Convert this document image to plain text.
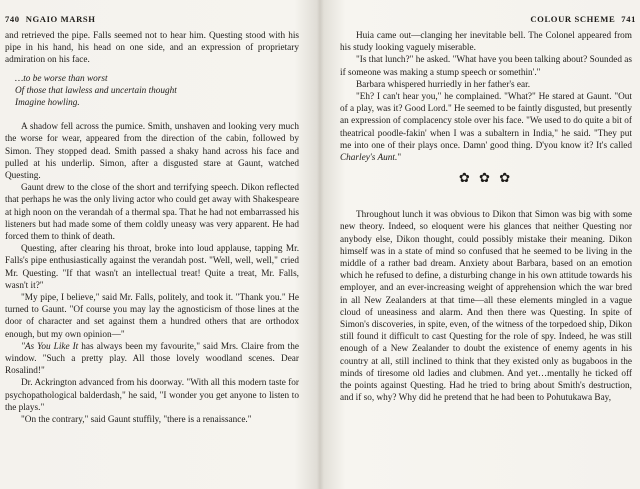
740 NGAIO MARSH

and retrieved the pipe. Falls seemed not to hear him. Questing stood with his pipe in his hand, his head on one side, and an expression of proprietary admiration on his face.

…to be worse than worst
Of those that lawless and uncertain thought
Imagine howling.

A shadow fell across the pumice. Smith, unshaven and looking very much the worse for wear, appeared from the direction of the cabin, followed by Simon. They stopped dead. Smith passed a shaky hand across his face and pulled at his underlip. Simon, after a disgusted stare at Gaunt, watched Questing.

Gaunt drew to the close of the short and terrifying speech. Dikon reflected that perhaps he was the only living actor who could get away with Shakespeare at high noon on the verandah of a thermal spa. That he had not embarrassed his listeners but had made some of them coldly uneasy was very apparent. He had forced them to think of death.

Questing, after clearing his throat, broke into loud applause, tapping Mr. Falls's pipe enthusiastically against the verandah post. "Well, well, well," cried Mr. Questing. "If that wasn't an intellectual treat! Quite a treat, Mr. Falls, wasn't it?"

"My pipe, I believe," said Mr. Falls, politely, and took it. "Thank you." He turned to Gaunt. "Of course you may lay the agnosticism of those lines at the door of character and set against them a hundred others that are orthodox enough, but my own opinion—"

"As You Like It has always been my favourite," said Mrs. Claire from the window. "Such a pretty play. All those lovely woodland scenes. Dear Rosalind!"

Dr. Ackrington advanced from his doorway. "With all this modern taste for psychopathological balderdash," he said, "I wonder you get anyone to listen to the plays."

"On the contrary," said Gaunt stuffily, "there is a renaissance."

COLOUR SCHEME 741

Huia came out—clanging her inevitable bell. The Colonel appeared from his study looking vaguely miserable.

"Is that lunch?" he asked. "What have you been talking about? Sounded as if someone was making a stump speech or somethin'."

Barbara whispered hurriedly in her father's ear.

"Eh? I can't hear you," he complained. "What?" He stared at Gaunt. "Out of a play, was it? Good Lord." He seemed to be faintly disgusted, but presently an expression of complacency stole over his face. "We used to do quite a bit of theatrical poodle-fakin' when I was a subaltern in India," he said. "They put me into one of their plays once. Damn' good thing. D'you know it? It's called Charley's Aunt."

✿ ✿ ✿

Throughout lunch it was obvious to Dikon that Simon was big with some new theory. Indeed, so eloquent were his glances that neither Questing nor anybody else, Dikon thought, could possibly mistake their meaning. Dikon himself was in a state of mind so confused that he seemed to be living in the middle of a rather bad dream. Anxiety about Barbara, based on an emotion which he refused to define, a disturbing change in his own attitude towards his employer, and an ever-increasing weight of apprehension which the war bred in all New Zealanders at that time—all these elements mingled in a vague cloud of uneasiness and alarm. And then there was Questing. In spite of Simon's discoveries, in spite, even, of the witness of the torpedoed ship, Dikon still found it difficult to cast Questing for the role of spy. Indeed, he was still enough of a New Zealander to doubt the existence of enemy agents in his country at all, still inclined to think that they existed only as bugaboos in the minds of tiresome old ladies and clubmen. And yet…mentally he ticked off the points against Questing. Had he tried to bring about Smith's destruction, and if so, why? Why did he pretend that he had been to Pohutukawa Bay,
